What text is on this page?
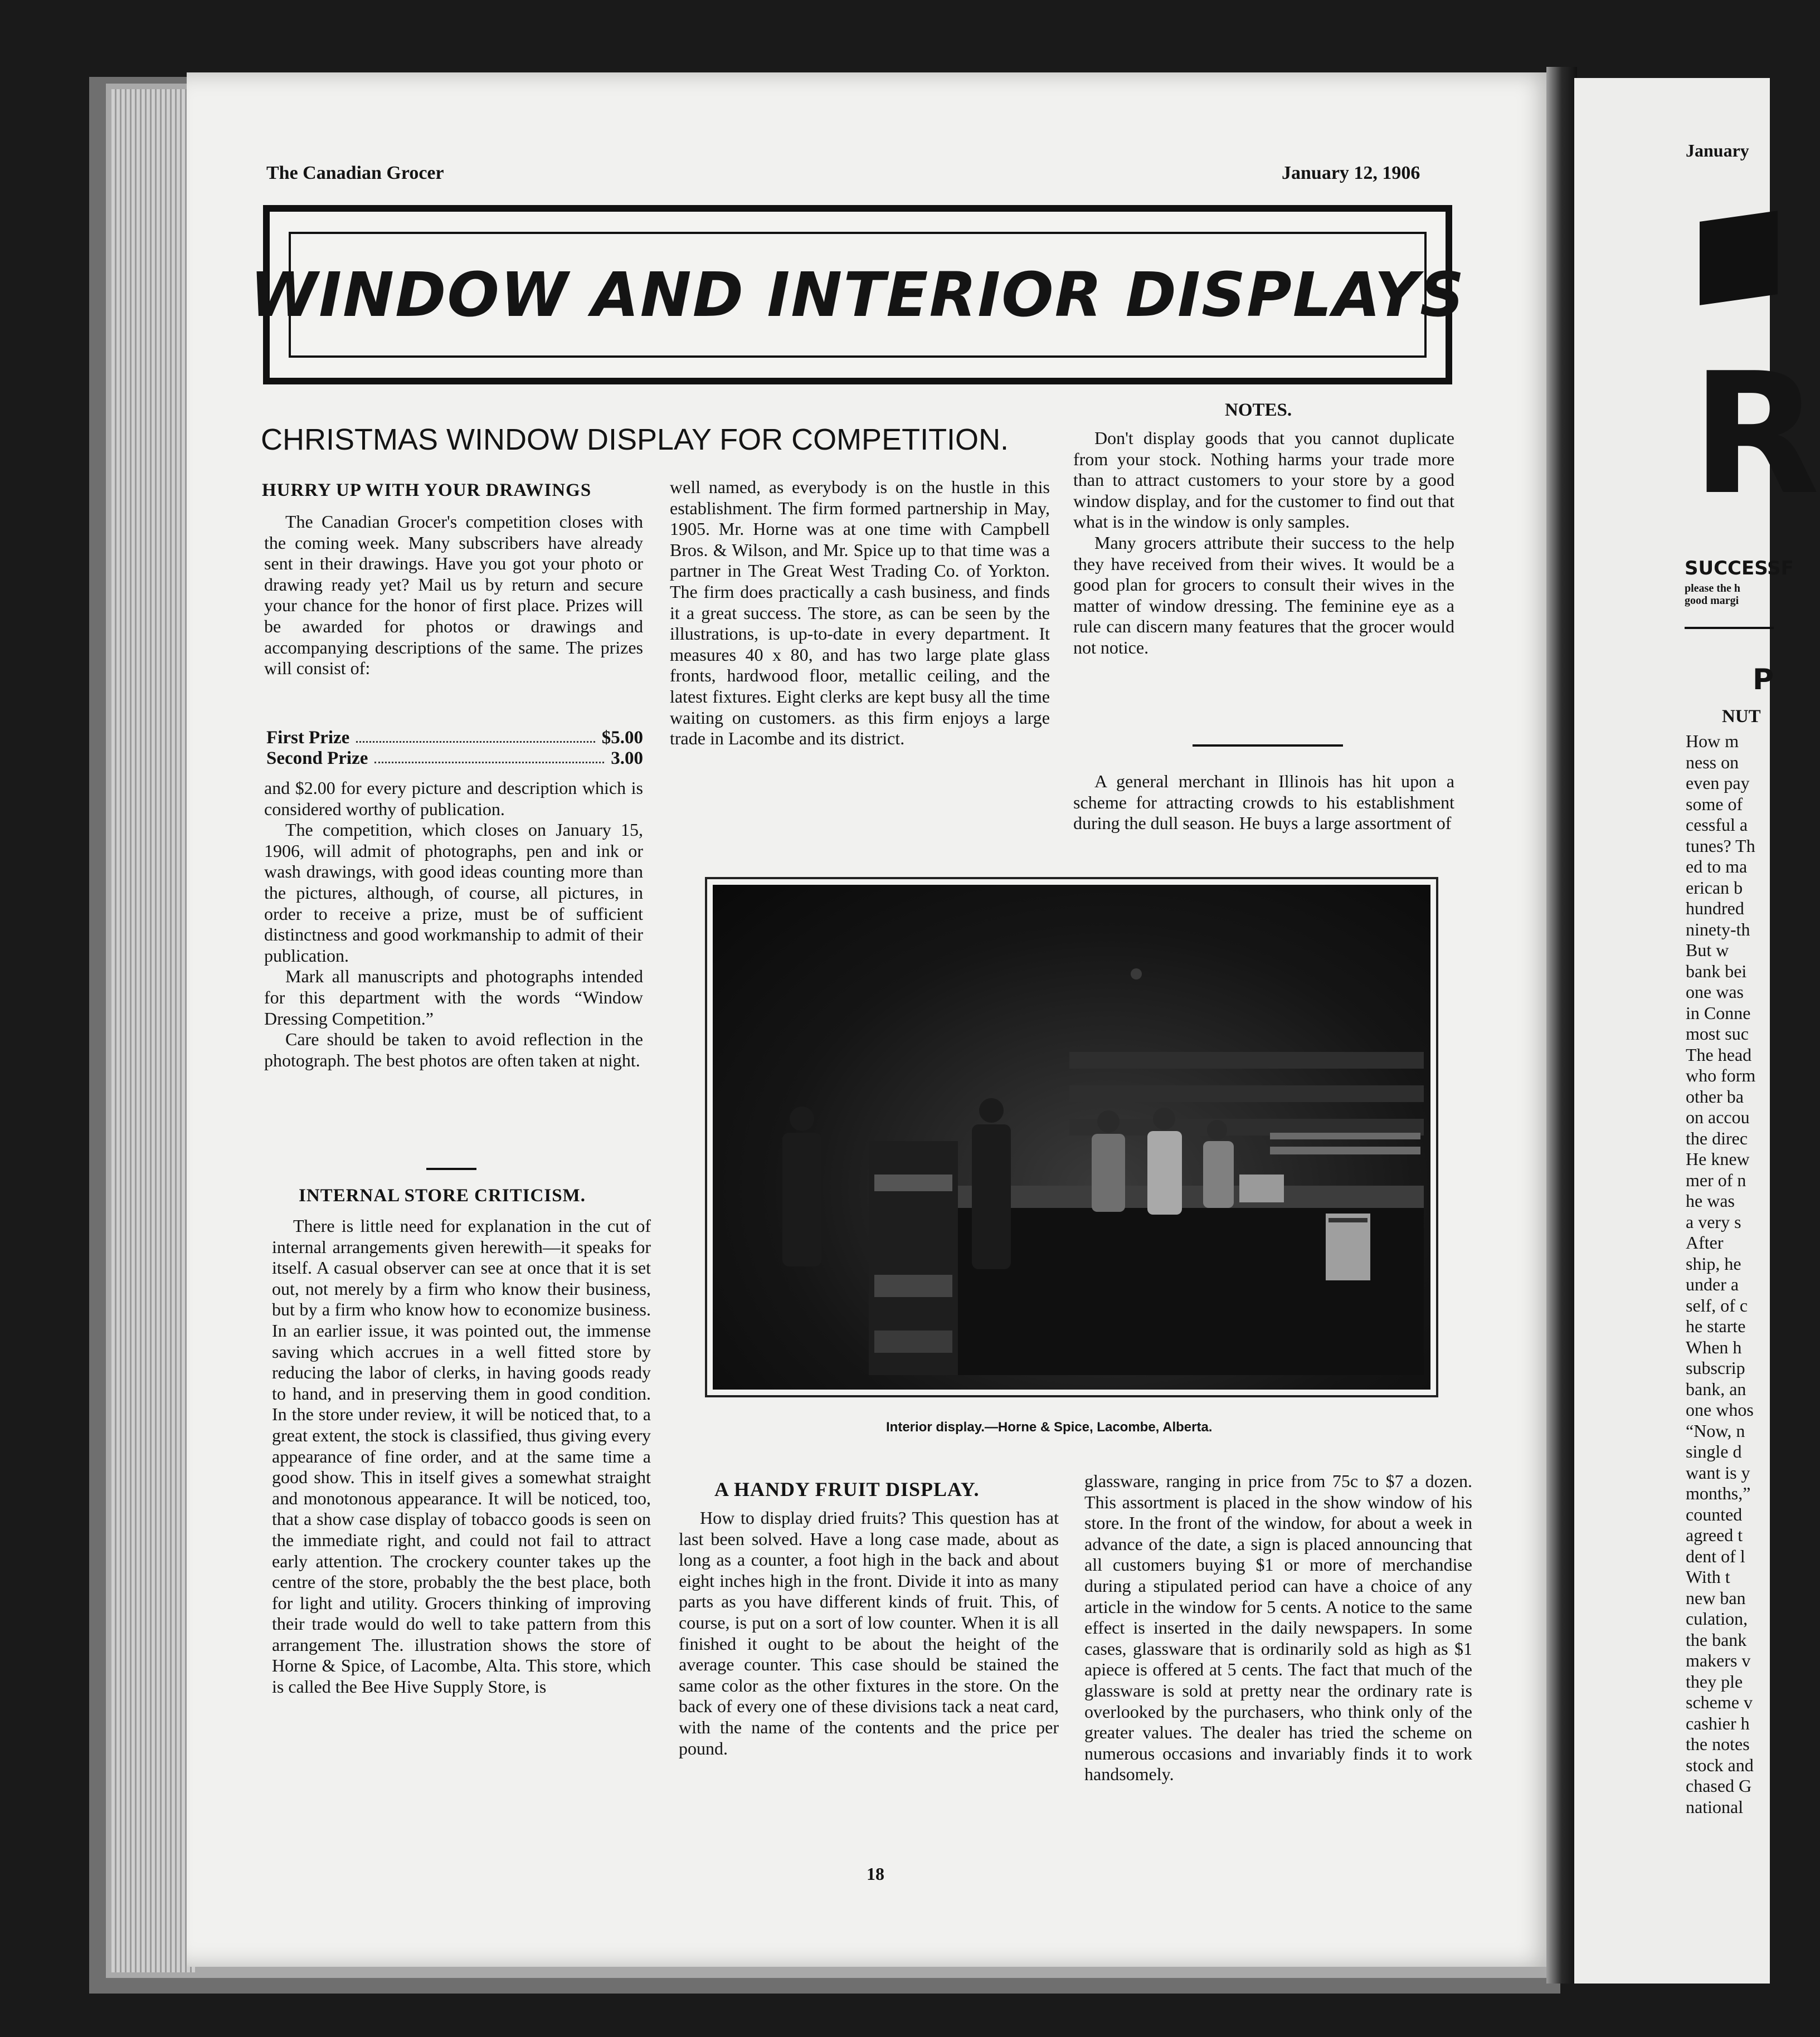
The Canadian Grocer	January 12, 1906
WINDOW AND INTERIOR DISPLAYS
CHRISTMAS WINDOW DISPLAY FOR COMPETITION.
HURRY UP WITH YOUR DRAWINGS

The Canadian Grocer's competition closes with the coming week. Many subscribers have already sent in their drawings. Have you got your photo or drawing ready yet? Mail us by return and secure your chance for the honor of first place. Prizes will be awarded for photos or drawings and accompanying descriptions of the same. The prizes will consist of:

First Prize	$5.00
Second Prize	3.00

and $2.00 for every picture and description which is considered worthy of publication.

The competition, which closes on January 15, 1906, will admit of photographs, pen and ink or wash drawings, with good ideas counting more than the pictures, although, of course, all pictures, in order to receive a prize, must be of sufficient distinctness and good workmanship to admit of their publication.

Mark all manuscripts and photographs intended for this department with the words “Window Dressing Competition.”

Care should be taken to avoid reflection in the photograph. The best photos are often taken at night.

INTERNAL STORE CRITICISM.

There is little need for explanation in the cut of internal arrangements given herewith—it speaks for itself. A casual observer can see at once that it is set out, not merely by a firm who know their business, but by a firm who know how to economize business. In an earlier issue, it was pointed out, the immense saving which accrues in a well fitted store by reducing the labor of clerks, in having goods ready to hand, and in preserving them in good condition. In the store under review, it will be noticed that, to a great extent, the stock is classified, thus giving every appearance of fine order, and at the same time a good show. This in itself gives a somewhat straight and monotonous appearance. It will be noticed, too, that a show case display of tobacco goods is seen on the immediate right, and could not fail to attract early attention. The crockery counter takes up the centre of the store, probably the the best place, both for light and utility. Grocers thinking of improving their trade would do well to take pattern from this arrangement The. illustration shows the store of Horne & Spice, of Lacombe, Alta. This store, which is called the Bee Hive Supply Store, is

well named, as everybody is on the hustle in this establishment. The firm formed partnership in May, 1905. Mr. Horne was at one time with Campbell Bros. & Wilson, and Mr. Spice up to that time was a partner in The Great West Trading Co. of Yorkton. The firm does practically a cash business, and finds it a great success. The store, as can be seen by the illustrations, is up-to-date in every department. It measures 40 x 80, and has two large plate glass fronts, hardwood floor, metallic ceiling, and the latest fixtures. Eight clerks are kept busy all the time waiting on customers. as this firm enjoys a large trade in Lacombe and its district.

NOTES.

Don't display goods that you cannot duplicate from your stock. Nothing harms your trade more than to attract customers to your store by a good window display, and for the customer to find out that what is in the window is only samples.

Many grocers attribute their success to the help they have received from their wives. It would be a good plan for grocers to consult their wives in the matter of window dressing. The feminine eye as a rule can discern many features that the grocer would not notice.

A general merchant in Illinois has hit upon a scheme for attracting crowds to his establishment during the dull season. He buys a large assortment of

Interior display.—Horne & Spice, Lacombe, Alberta.
A HANDY FRUIT DISPLAY.

How to display dried fruits? This question has at last been solved. Have a long case made, about as long as a counter, a foot high in the back and about eight inches high in the front. Divide it into as many parts as you have different kinds of fruit. This, of course, is put on a sort of low counter. When it is all finished it ought to be about the height of the average counter. This case should be stained the same color as the other fixtures in the store. On the back of every one of these divisions tack a neat card, with the name of the contents and the price per pound.

glassware, ranging in price from 75c to $7 a dozen. This assortment is placed in the show window of his store. In the front of the window, for about a week in advance of the date, a sign is placed announcing that all customers buying $1 or more of merchandise during a stipulated period can have a choice of any article in the window for 5 cents. A notice to the same effect is inserted in the daily newspapers. In some cases, glassware that is ordinarily sold as high as $1 apiece is offered at 5 cents. The fact that much of the glassware is sold at pretty near the ordinary rate is overlooked by the purchasers, who think only of the greater values. The dealer has tried the scheme on numerous occasions and invariably finds it to work handsomely.

18
January
R
SUCCESSF
please the h
good margi
P
NUT
How m
ness on
even pay
some of
cessful a
tunes? Th
ed to ma
erican b
hundred
ninety-th
But w
bank bei
one was
in Conne
most suc
The head
who form
other ba
on accou
the direc
He knew
mer of n
he was
a very s
After
ship, he
under a
self, of c
he starte
When h
subscrip
bank, an
one whos
“Now, n
single d
want is y
months,”
counted
agreed t
dent of l
With t
new ban
culation,
the bank
makers v
they ple
scheme v
cashier h
the notes
stock and
chased G
national
